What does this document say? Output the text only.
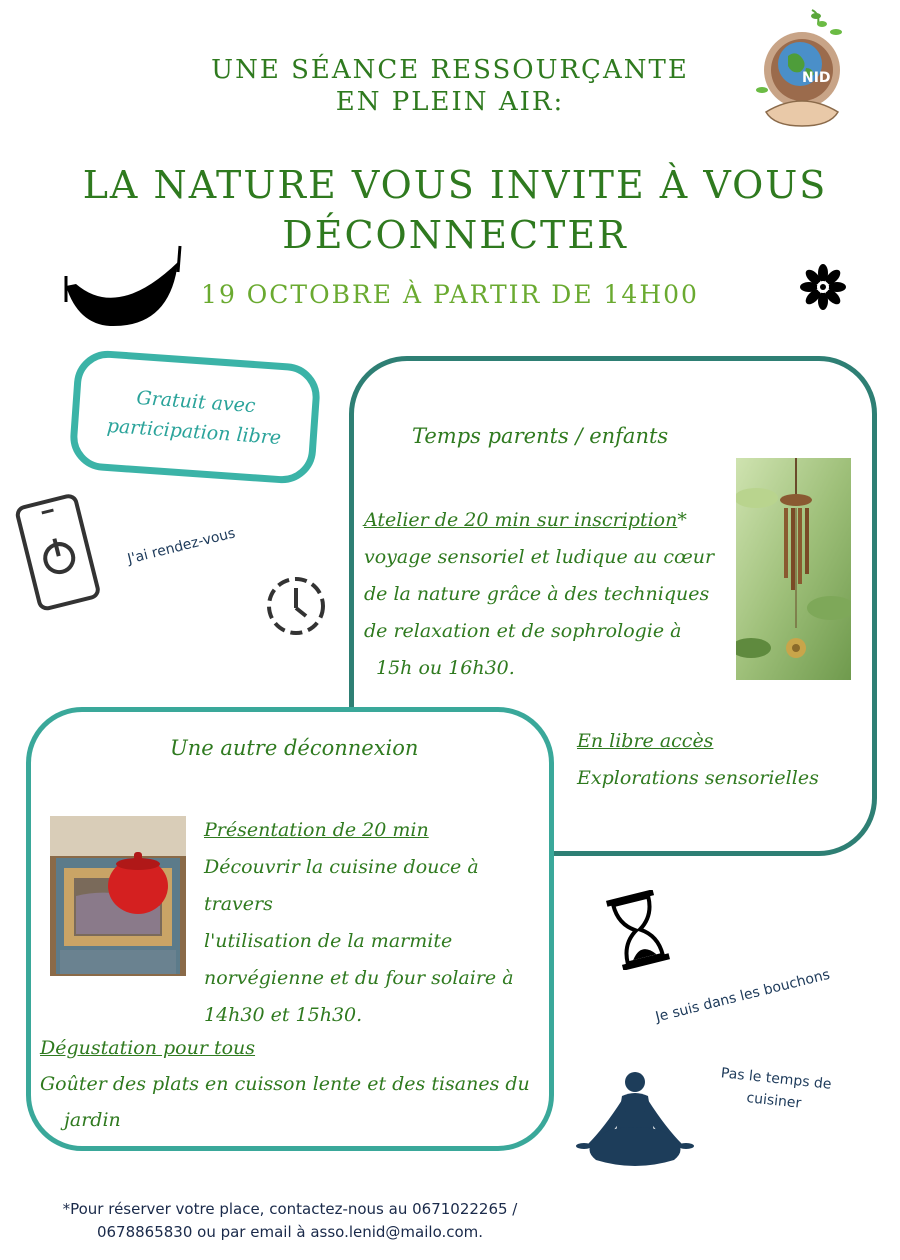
UNE SÉANCE RESSOURÇANTE
EN PLEIN AIR:
NID
LA NATURE VOUS INVITE À VOUS
DÉCONNECTER
19 OCTOBRE À PARTIR DE 14H00
Gratuit avec
participation libre	Temps parents / enfants
Atelier de 20 min sur inscription*
voyage sensoriel et ludique au cœur
de la nature grâce à des techniques
de relaxation et de sophrologie à
15h ou 16h30.
En libre accès
Explorations sensorielles
J'ai rendez-vous
Une autre déconnexion
Présentation de 20 min
Découvrir la cuisine douce à travers
l'utilisation de la marmite
norvégienne et du four solaire à
14h30 et 15h30.
Dégustation pour tous
Goûter des plats en cuisson lente et des tisanes du
jardin
Je suis dans les bouchons
Pas le temps de
cuisiner
*Pour réserver votre place, contactez-nous au 0671022265 /
0678865830 ou par email à asso.lenid@mailo.com.
